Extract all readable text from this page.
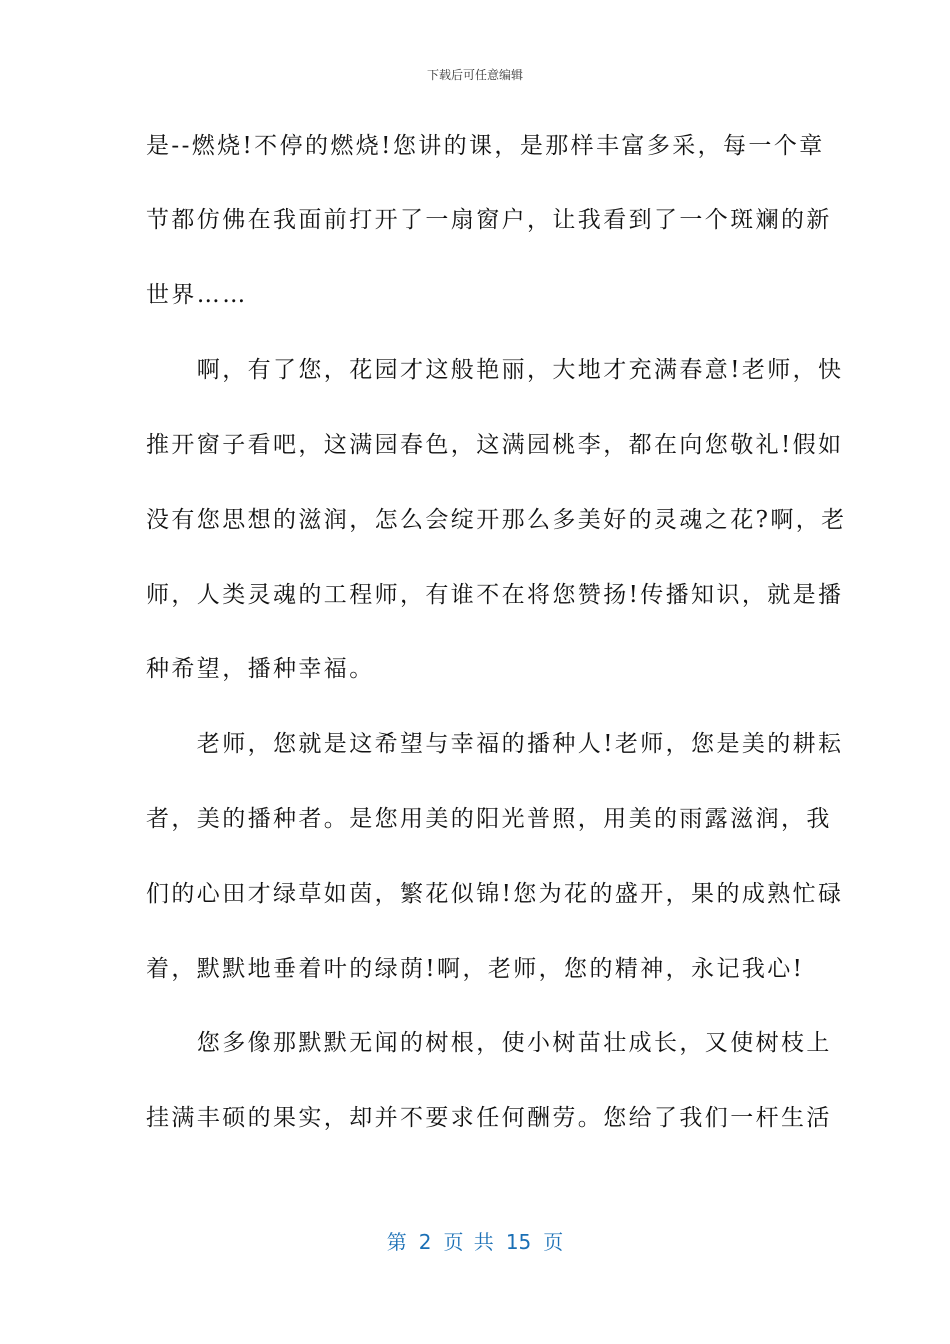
下载后可任意编辑
是--燃烧!不停的燃烧!您讲的课，是那样丰富多采，每一个章
节都仿佛在我面前打开了一扇窗户，让我看到了一个斑斓的新
世界……
　　啊，有了您，花园才这般艳丽，大地才充满春意!老师，快
推开窗子看吧，这满园春色，这满园桃李，都在向您敬礼!假如
没有您思想的滋润，怎么会绽开那么多美好的灵魂之花?啊，老
师，人类灵魂的工程师，有谁不在将您赞扬!传播知识，就是播
种希望，播种幸福。
　　老师，您就是这希望与幸福的播种人!老师，您是美的耕耘
者，美的播种者。是您用美的阳光普照，用美的雨露滋润，我
们的心田才绿草如茵，繁花似锦!您为花的盛开，果的成熟忙碌
着，默默地垂着叶的绿荫!啊，老师，您的精神，永记我心!
　　您多像那默默无闻的树根，使小树苗壮成长，又使树枝上
挂满丰硕的果实，却并不要求任何酬劳。您给了我们一杆生活
第 2 页 共 15 页
